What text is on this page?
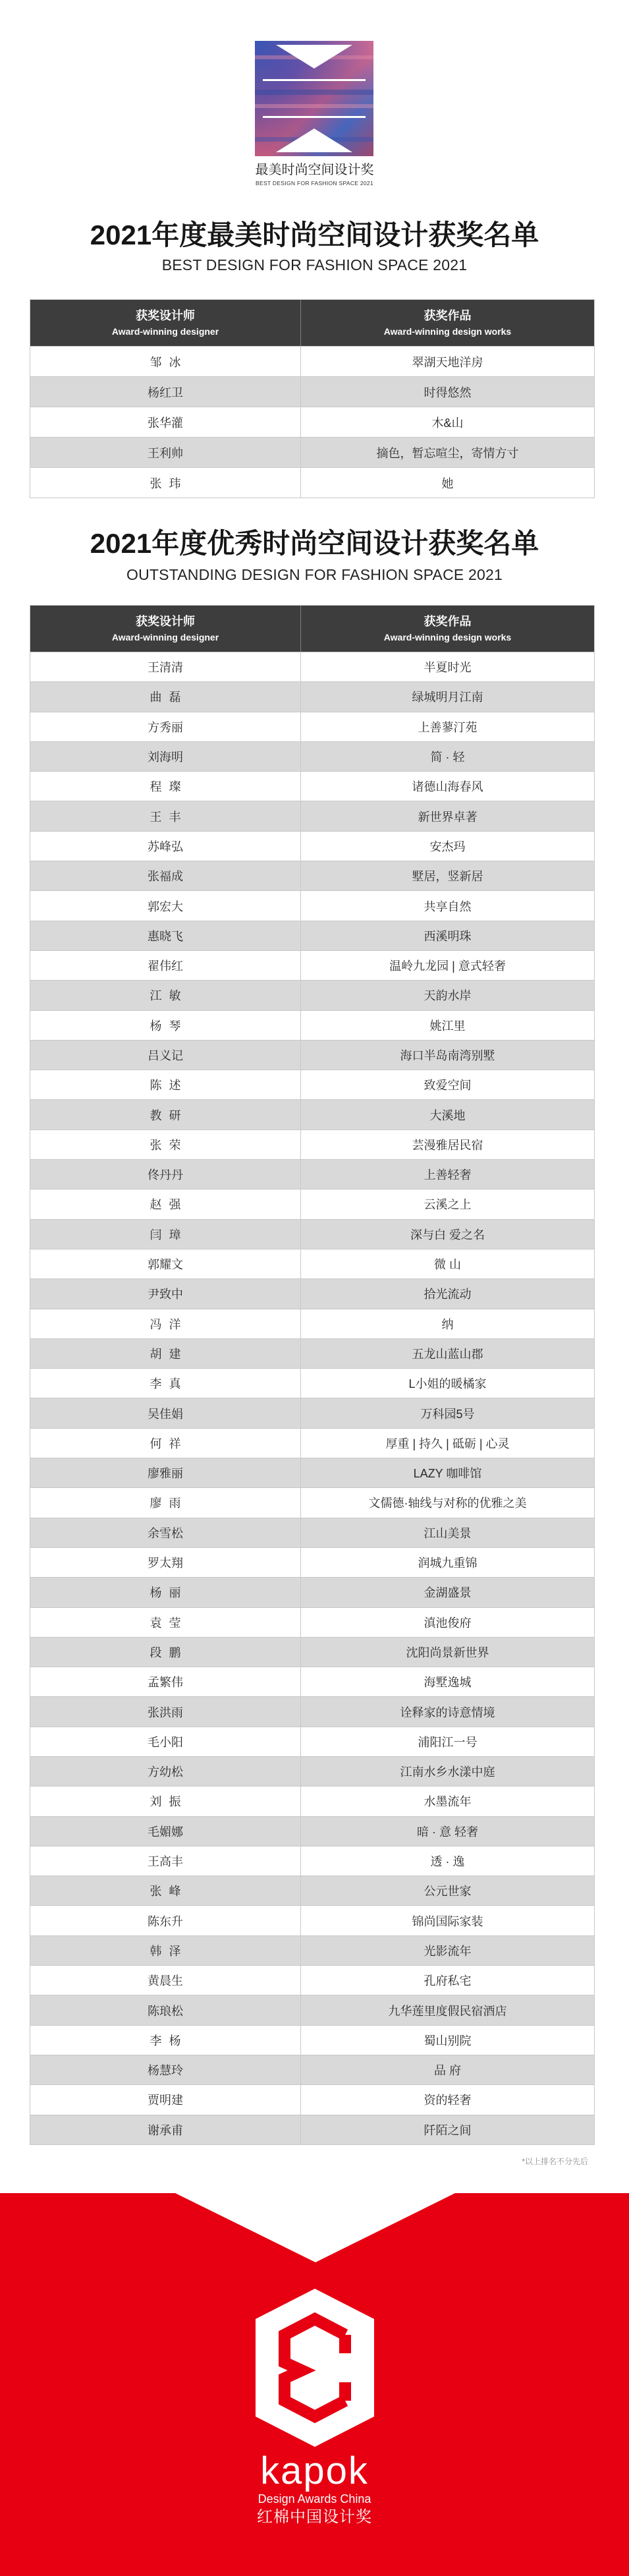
最美时尚空间设计奖
BEST DESIGN FOR FASHION SPACE 2021
2021年度最美时尚空间设计获奖名单
BEST DESIGN FOR FASHION SPACE 2021
获奖设计师
Award-winning designer
获奖作品
Award-winning design works
邹 冰	翠湖天地洋房
杨红卫	时得悠然
张华灌	木&山
王利帅	摘色，暂忘喧尘，寄情方寸
张 玮	她
2021年度优秀时尚空间设计获奖名单
OUTSTANDING DESIGN FOR FASHION SPACE 2021
获奖设计师
Award-winning designer
获奖作品
Award-winning design works
王清清	半夏时光
曲 磊	绿城明月江南
方秀丽	上善蓼汀苑
刘海明	简 · 轻
程 璨	诸德山海春风
王 丰	新世界卓著
苏峰弘	安杰玛
张福成	墅居，竖新居
郭宏大	共享自然
惠晓飞	西溪明珠
翟伟红	温岭九龙园 | 意式轻奢
江 敏	天韵水岸
杨 琴	姚江里
吕义记	海口半岛南湾别墅
陈 述	致爱空间
教 研	大溪地
张 荣	芸漫雅居民宿
佟丹丹	上善轻奢
赵 强	云溪之上
闫 璋	深与白 爱之名
郭耀文	微 山
尹致中	拾光流动
冯 洋	纳
胡 建	五龙山蓝山郡
李 真	L小姐的暖橘家
吴佳娟	万科园5号
何 祥	厚重 | 持久 | 砥砺 | 心灵
廖雅丽	LAZY 咖啡馆
廖 雨	文儒德·轴线与对称的优雅之美
余雪松	江山美景
罗太翔	润城九重锦
杨 丽	金湖盛景
袁 莹	滇池俊府
段 鹏	沈阳尚景新世界
孟繁伟	海墅逸城
张洪雨	诠释家的诗意情境
毛小阳	浦阳江一号
方幼松	江南水乡水漾中庭
刘 振	水墨流年
毛媚娜	暗 · 意 轻奢
王高丰	透 · 逸
张 峰	公元世家
陈东升	锦尚国际家装
韩 泽	光影流年
黄晨生	孔府私宅
陈琅松	九华莲里度假民宿酒店
李 杨	蜀山别院
杨慧玲	品 府
贾明建	资的轻奢
谢承甫	阡陌之间
*以上排名不分先后
kapok
Design Awards China
红棉中国设计奖
